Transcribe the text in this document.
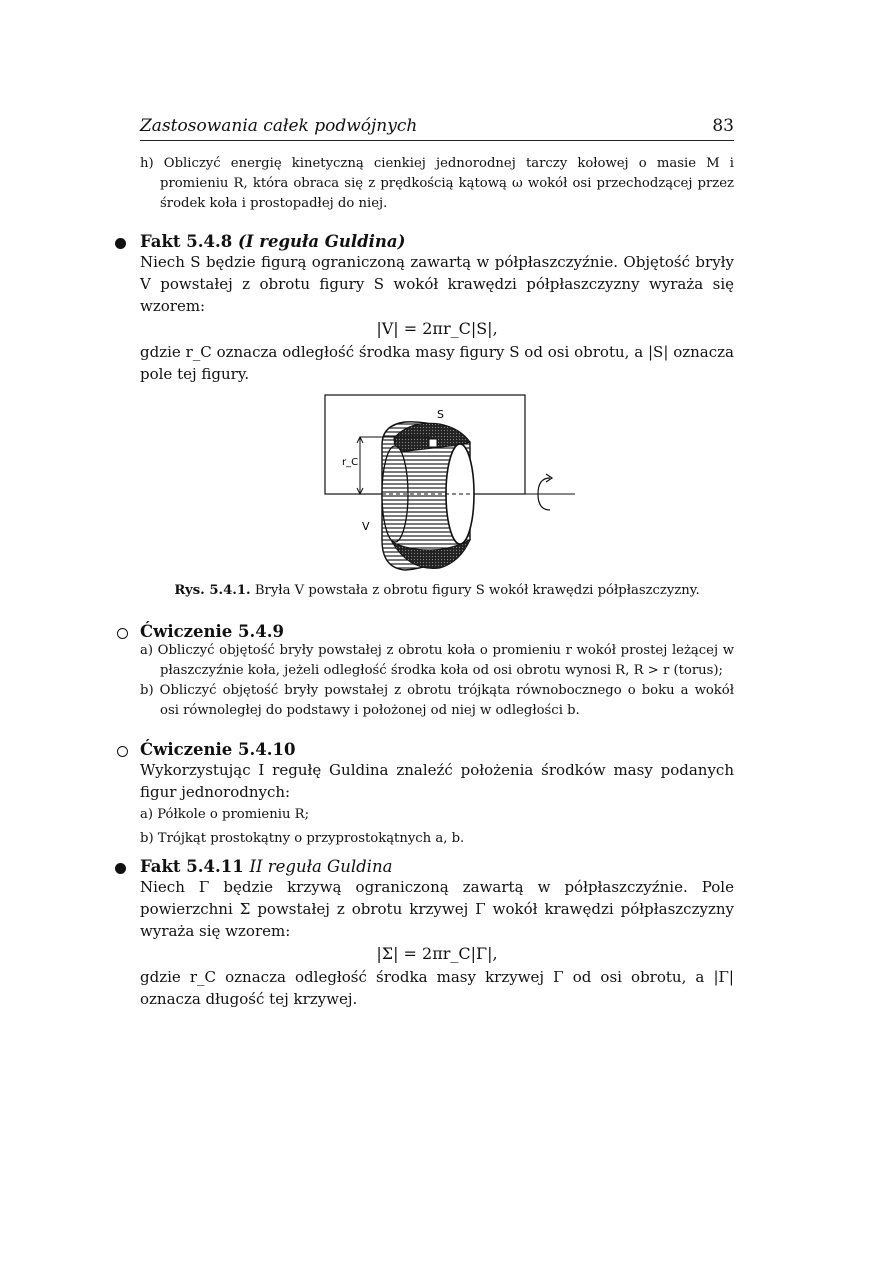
Zastosowania całek podwójnych	83
h) Obliczyć energię kinetyczną cienkiej jednorodnej tarczy kołowej o masie M i promieniu R, która obraca się z prędkością kątową ω wokół osi przechodzącej przez środek koła i prostopadłej do niej.
Fakt 5.4.8 (I reguła Guldina)
Niech S będzie figurą ograniczoną zawartą w półpłaszczyźnie. Objętość bryły V powstałej z obrotu figury S wokół krawędzi półpłaszczyzny wyraża się wzorem:
|V| = 2πr_C|S|,
gdzie r_C oznacza odległość środka masy figury S od osi obrotu, a |S| oznacza pole tej figury.
r_C
S
V
Rys. 5.4.1. Bryła V powstała z obrotu figury S wokół krawędzi półpłaszczyzny.
Ćwiczenie 5.4.9
a) Obliczyć objętość bryły powstałej z obrotu koła o promieniu r wokół prostej leżącej w płaszczyźnie koła, jeżeli odległość środka koła od osi obrotu wynosi R, R > r (torus);
b) Obliczyć objętość bryły powstałej z obrotu trójkąta równobocznego o boku a wokół osi równoległej do podstawy i położonej od niej w odległości b.
Ćwiczenie 5.4.10
Wykorzystując I regułę Guldina znaleźć położenia środków masy podanych figur jednorodnych:
a) Półkole o promieniu R;
b) Trójkąt prostokątny o przyprostokątnych a, b.
Fakt 5.4.11 II reguła Guldina
Niech Γ będzie krzywą ograniczoną zawartą w półpłaszczyźnie. Pole powierzchni Σ powstałej z obrotu krzywej Γ wokół krawędzi półpłaszczyzny wyraża się wzorem:
|Σ| = 2πr_C|Γ|,
gdzie r_C oznacza odległość środka masy krzywej Γ od osi obrotu, a |Γ| oznacza długość tej krzywej.
